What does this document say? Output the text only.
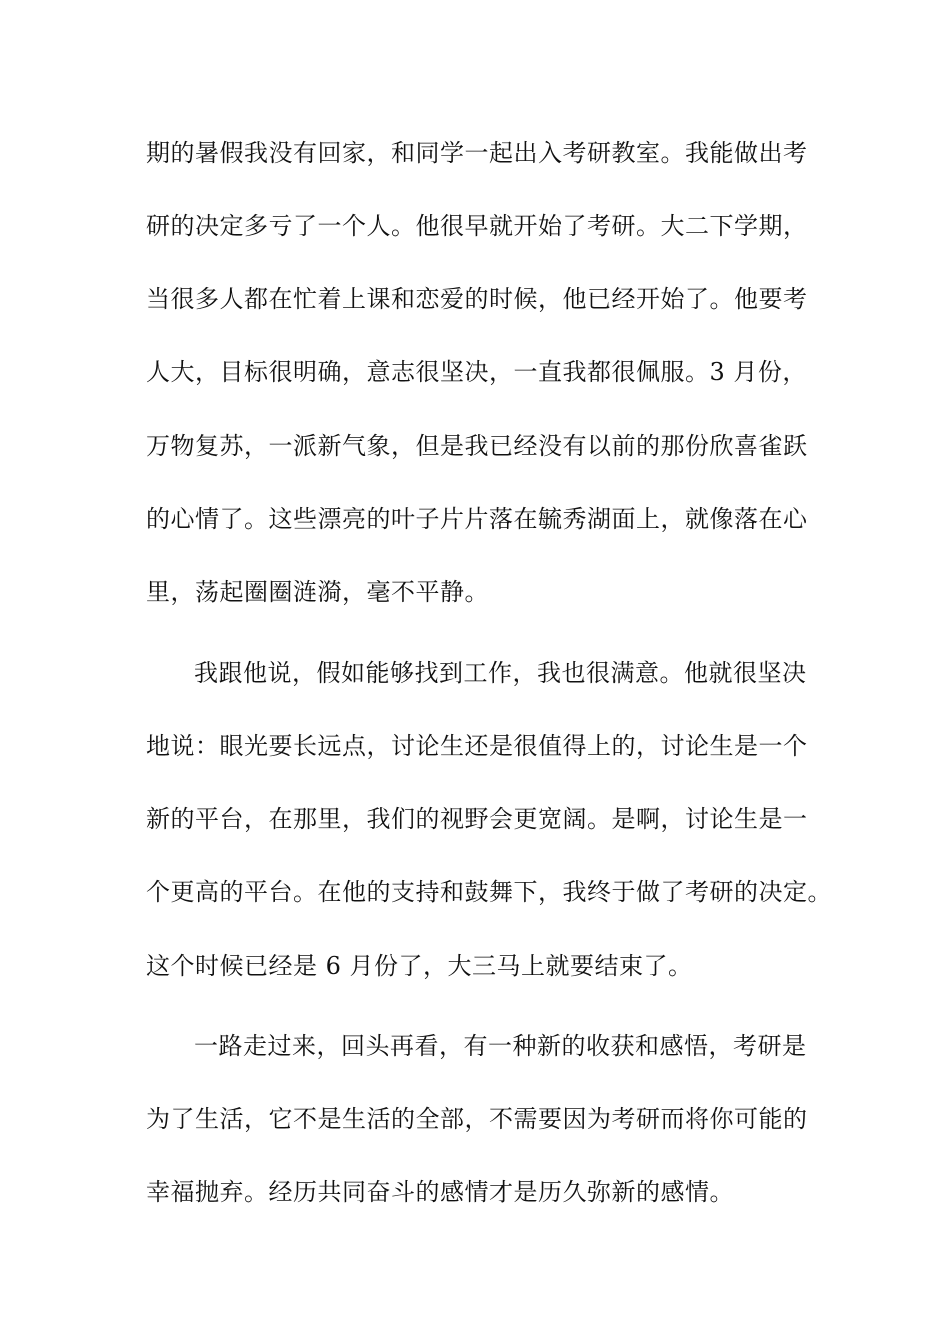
期的暑假我没有回家，和同学一起出入考研教室。我能做出考
研的决定多亏了一个人。他很早就开始了考研。大二下学期，
当很多人都在忙着上课和恋爱的时候，他已经开始了。他要考
人大，目标很明确，意志很坚决，一直我都很佩服。3 月份，
万物复苏，一派新气象，但是我已经没有以前的那份欣喜雀跃
的心情了。这些漂亮的叶子片片落在毓秀湖面上，就像落在心
里，荡起圈圈涟漪，毫不平静。
我跟他说，假如能够找到工作，我也很满意。他就很坚决
地说：眼光要长远点，讨论生还是很值得上的，讨论生是一个
新的平台，在那里，我们的视野会更宽阔。是啊，讨论生是一
个更高的平台。在他的支持和鼓舞下，我终于做了考研的决定。
这个时候已经是 6 月份了，大三马上就要结束了。
一路走过来，回头再看，有一种新的收获和感悟，考研是
为了生活，它不是生活的全部，不需要因为考研而将你可能的
幸福抛弃。经历共同奋斗的感情才是历久弥新的感情。
